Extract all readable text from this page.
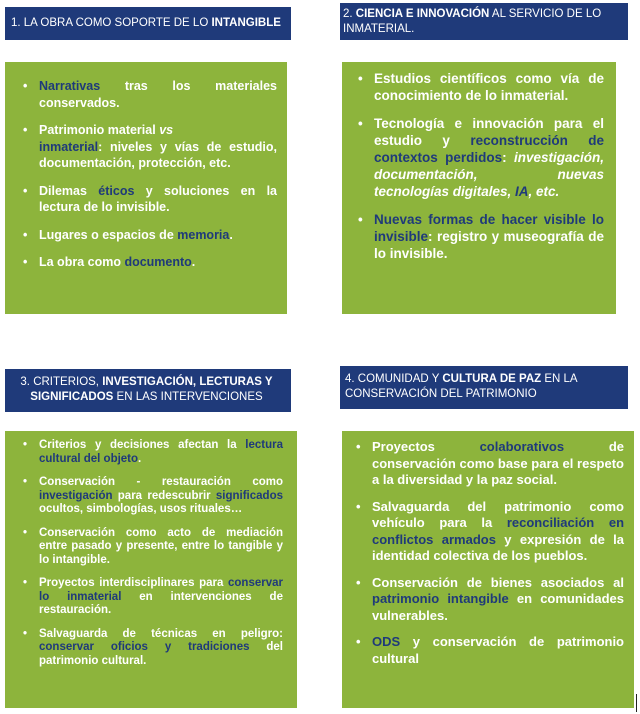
1. LA OBRA COMO SOPORTE DE LO INTANGIBLE
2. CIENCIA E INNOVACIÓN AL SERVICIO DE LO INMATERIAL.
3. CRITERIOS, INVESTIGACIÓN, LECTURAS Y SIGNIFICADOS EN LAS INTERVENCIONES
4. COMUNIDAD Y CULTURA DE PAZ EN LA CONSERVACIÓN DEL PATRIMONIO
• Narrativas tras los materiales conservados.
• Patrimonio material vs
inmaterial: niveles y vías de estudio, documentación, protección, etc.
• Dilemas éticos y soluciones en la lectura de lo invisible.
• Lugares o espacios de memoria.
• La obra como documento.
• Estudios científicos como vía de conocimiento de lo inmaterial.
• Tecnología e innovación para el estudio y reconstrucción de contextos perdidos: investigación, documentación, nuevas tecnologías digitales, IA, etc.
• Nuevas formas de hacer visible lo invisible: registro y museografía de lo invisible.
• Criterios y decisiones afectan la lectura cultural del objeto.
• Conservación - restauración como investigación para redescubrir significados ocultos, simbologías, usos rituales…
• Conservación como acto de mediación entre pasado y presente, entre lo tangible y lo intangible.
• Proyectos interdisciplinares para conservar lo inmaterial en intervenciones de restauración.
• Salvaguarda de técnicas en peligro: conservar oficios y tradiciones del patrimonio cultural.
• Proyectos colaborativos de conservación como base para el respeto a la diversidad y la paz social.
• Salvaguarda del patrimonio como vehículo para la reconciliación en conflictos armados y expresión de la identidad colectiva de los pueblos.
• Conservación de bienes asociados al patrimonio intangible en comunidades vulnerables.
• ODS y conservación de patrimonio cultural
